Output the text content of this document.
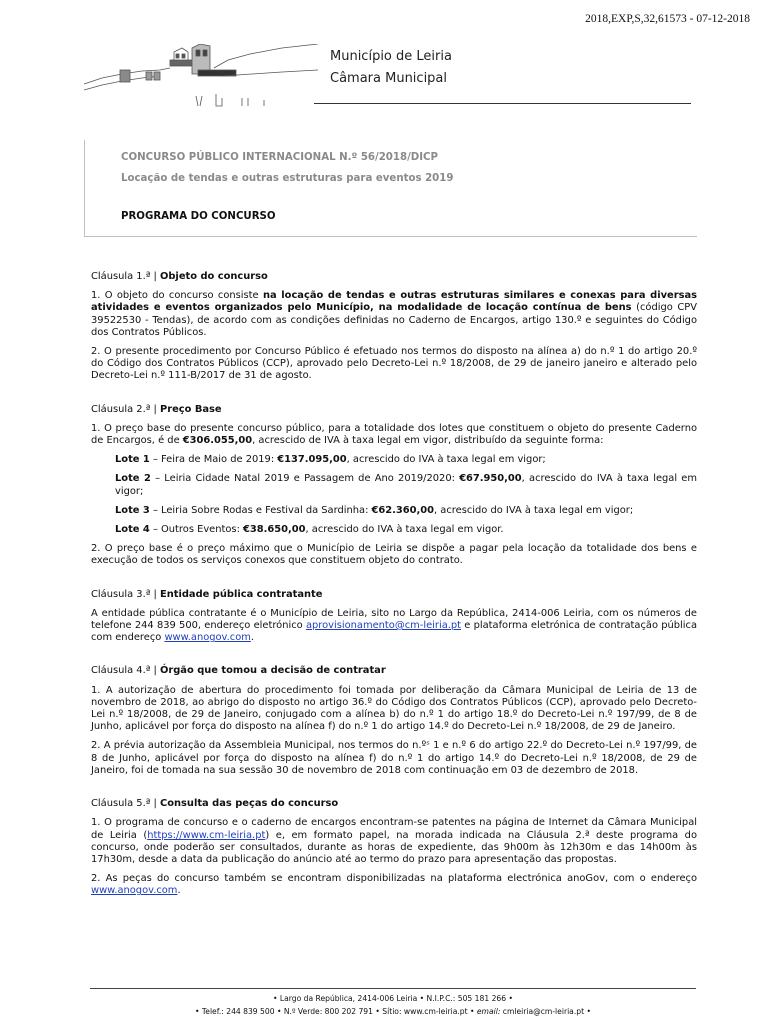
2018,EXP,S,32,61573 - 07-12-2018
Município de Leiria
Câmara Municipal
CONCURSO PÚBLICO INTERNACIONAL N.º 56/2018/DICP
Locação de tendas e outras estruturas para eventos 2019
PROGRAMA DO CONCURSO
Cláusula 1.ª | Objeto do concurso

1. O objeto do concurso consiste na locação de tendas e outras estruturas similares e conexas para diversas atividades e eventos organizados pelo Município, na modalidade de locação contínua de bens (código CPV 39522530 - Tendas), de acordo com as condições definidas no Caderno de Encargos, artigo 130.º e seguintes do Código dos Contratos Públicos.

2. O presente procedimento por Concurso Público é efetuado nos termos do disposto na alínea a) do n.º 1 do artigo 20.º do Código dos Contratos Públicos (CCP), aprovado pelo Decreto-Lei n.º 18/2008, de 29 de janeiro janeiro e alterado pelo Decreto-Lei n.º 111-B/2017 de 31 de agosto.

Cláusula 2.ª | Preço Base

1. O preço base do presente concurso público, para a totalidade dos lotes que constituem o objeto do presente Caderno de Encargos, é de €306.055,00, acrescido de IVA à taxa legal em vigor, distribuído da seguinte forma:

Lote 1 – Feira de Maio de 2019: €137.095,00, acrescido do IVA à taxa legal em vigor;
Lote 2 – Leiria Cidade Natal 2019 e Passagem de Ano 2019/2020: €67.950,00, acrescido do IVA à taxa legal em vigor;
Lote 3 – Leiria Sobre Rodas e Festival da Sardinha: €62.360,00, acrescido do IVA à taxa legal em vigor;
Lote 4 – Outros Eventos: €38.650,00, acrescido do IVA à taxa legal em vigor.

2. O preço base é o preço máximo que o Município de Leiria se dispõe a pagar pela locação da totalidade dos bens e execução de todos os serviços conexos que constituem objeto do contrato.

Cláusula 3.ª | Entidade pública contratante

A entidade pública contratante é o Município de Leiria, sito no Largo da República, 2414-006 Leiria, com os números de telefone 244 839 500, endereço eletrónico aprovisionamento@cm-leiria.pt e plataforma eletrónica de contratação pública com endereço www.anogov.com.

Cláusula 4.ª | Órgão que tomou a decisão de contratar

1. A autorização de abertura do procedimento foi tomada por deliberação da Câmara Municipal de Leiria de 13 de novembro de 2018, ao abrigo do disposto no artigo 36.º do Código dos Contratos Públicos (CCP), aprovado pelo Decreto-Lei n.º 18/2008, de 29 de Janeiro, conjugado com a alínea b) do n.º 1 do artigo 18.º do Decreto-Lei n.º 197/99, de 8 de Junho, aplicável por força do disposto na alínea f) do n.º 1 do artigo 14.º do Decreto-Lei n.º 18/2008, de 29 de Janeiro.

2. A prévia autorização da Assembleia Municipal, nos termos do n.ºˢ 1 e n.º 6 do artigo 22.º do Decreto-Lei n.º 197/99, de 8 de Junho, aplicável por força do disposto na alínea f) do n.º 1 do artigo 14.º do Decreto-Lei n.º 18/2008, de 29 de Janeiro, foi de tomada na sua sessão 30 de novembro de 2018 com continuação em 03 de dezembro de 2018.

Cláusula 5.ª | Consulta das peças do concurso

1. O programa de concurso e o caderno de encargos encontram-se patentes na página de Internet da Câmara Municipal de Leiria (https://www.cm-leiria.pt) e, em formato papel, na morada indicada na Cláusula 2.ª deste programa do concurso, onde poderão ser consultados, durante as horas de expediente, das 9h00m às 12h30m e das 14h00m às 17h30m, desde a data da publicação do anúncio até ao termo do prazo para apresentação das propostas.

2. As peças do concurso também se encontram disponibilizadas na plataforma electrónica anoGov, com o endereço www.anogov.com.

• Largo da República, 2414-006 Leiria • N.I.P.C.: 505 181 266 •
• Telef.: 244 839 500 • N.º Verde: 800 202 791 • Sítio: www.cm-leiria.pt • email: cmleiria@cm-leiria.pt •
